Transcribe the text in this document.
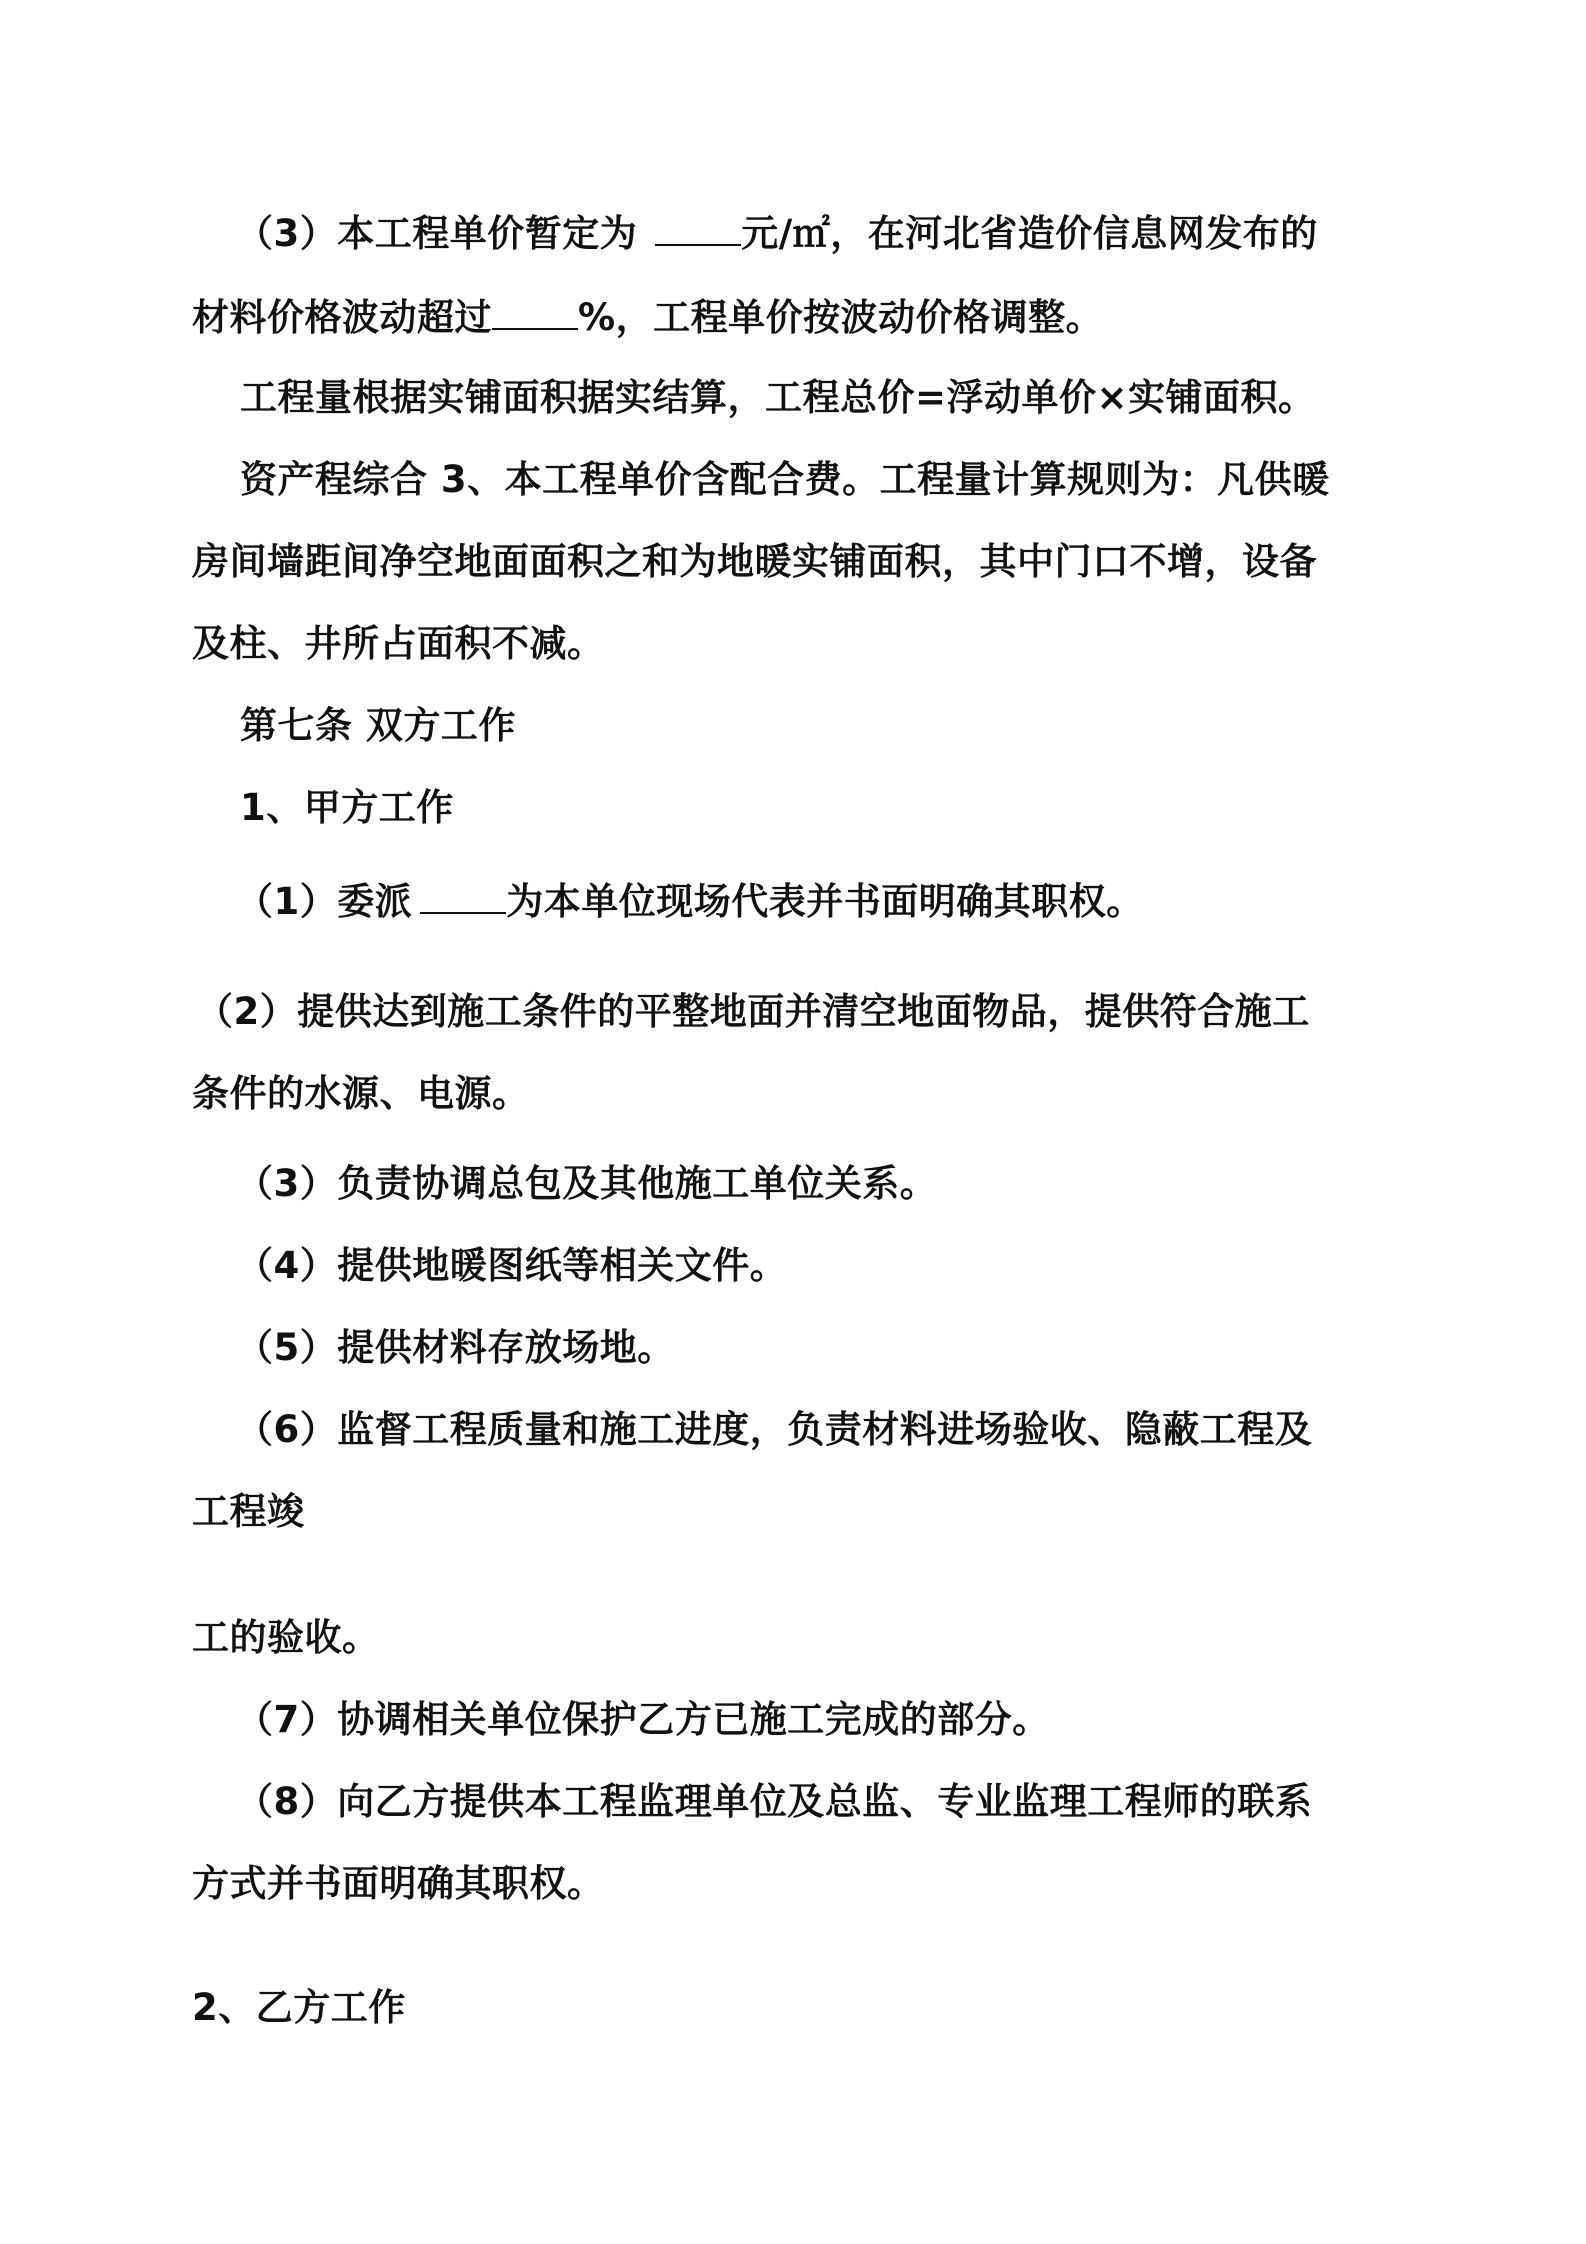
（3）本工程单价暂定为	元/㎡，在河北省造价信息网发布的
材料价格波动超过 %，工程单价按波动价格调整。
工程量根据实铺面积据实结算，工程总价=浮动单价×实铺面积。
资产程综合 3、本工程单价含配合费。工程量计算规则为：凡供暖
房间墙距间净空地面面积之和为地暖实铺面积，其中门口不增，设备
及柱、井所占面积不减。
第七条 双方工作
1、甲方工作
（1）委派	为本单位现场代表并书面明确其职权。
（2）提供达到施工条件的平整地面并清空地面物品，提供符合施工
条件的水源、电源。
（3）负责协调总包及其他施工单位关系。
（4）提供地暖图纸等相关文件。
（5）提供材料存放场地。
（6）监督工程质量和施工进度，负责材料进场验收、隐蔽工程及
工程竣
工的验收。
（7）协调相关单位保护乙方已施工完成的部分。
（8）向乙方提供本工程监理单位及总监、专业监理工程师的联系
方式并书面明确其职权。
2、乙方工作
